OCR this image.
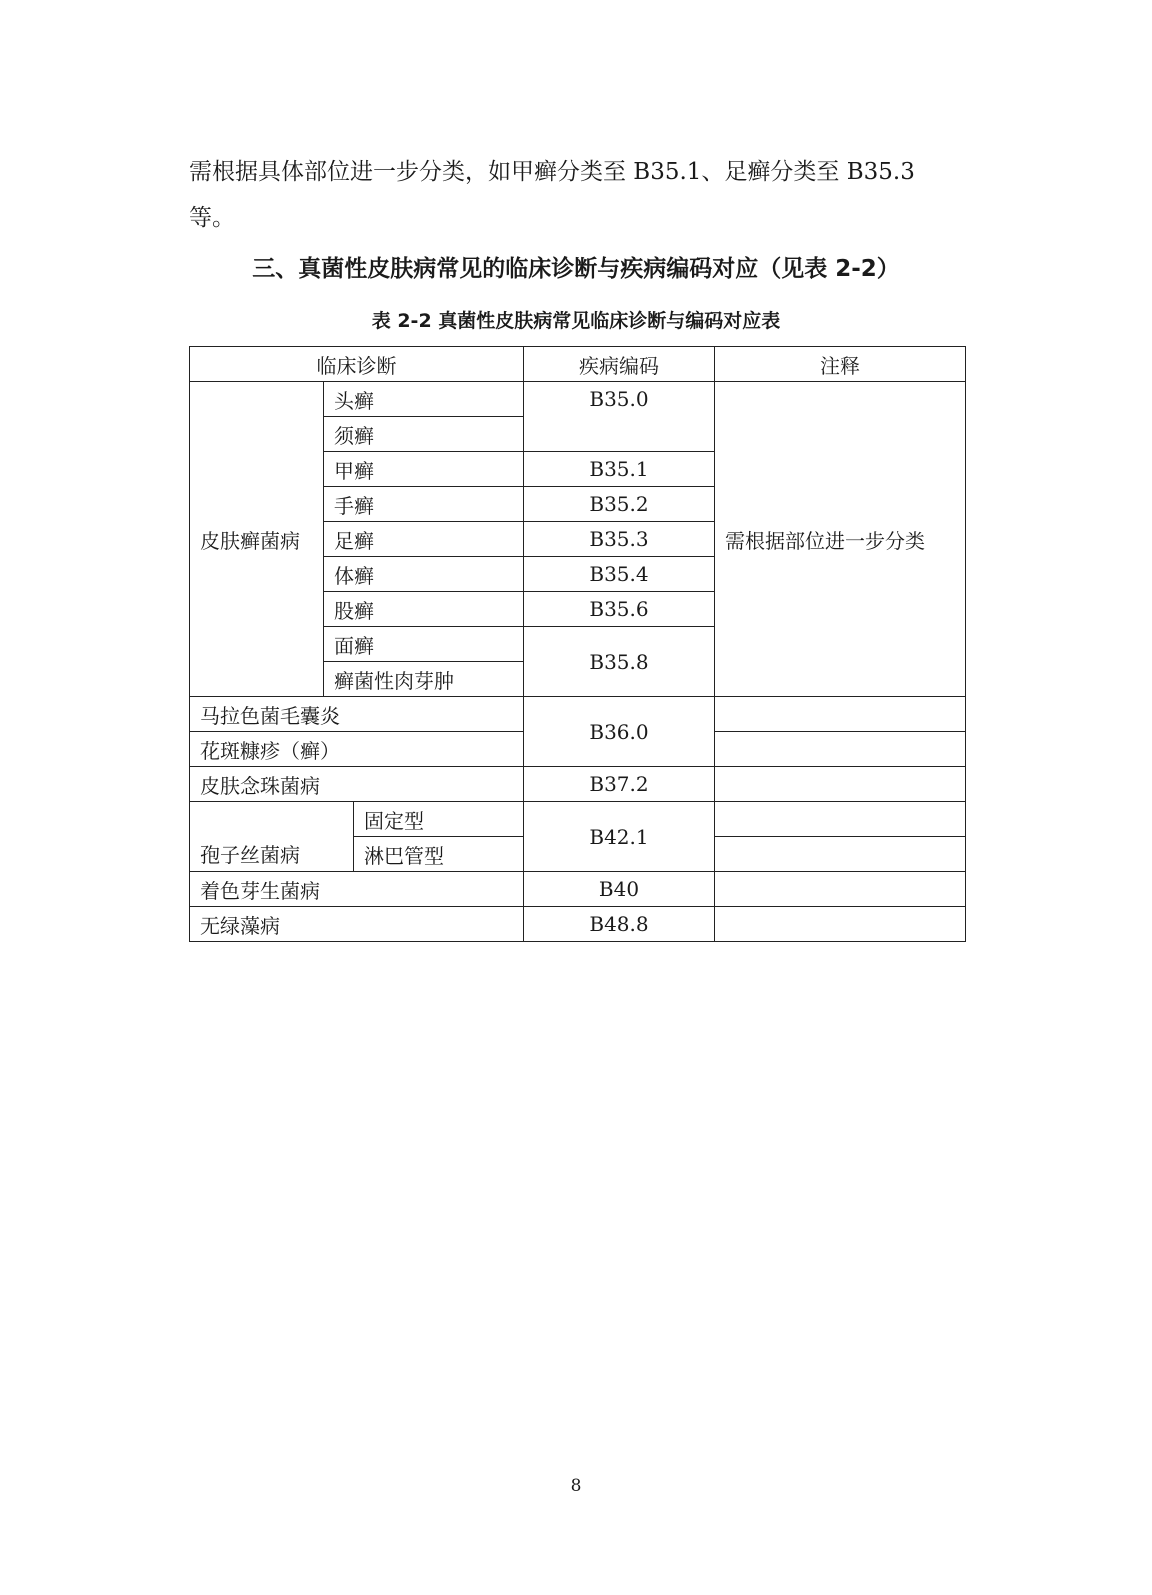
需根据具体部位进一步分类，如甲癣分类至 B35.1、足癣分类至 B35.3

等。

三、真菌性皮肤病常见的临床诊断与疾病编码对应（见表 2-2）
表 2-2 真菌性皮肤病常见临床诊断与编码对应表
临床诊断			疾病编码	注释
皮肤癣菌病	头癣		B35.0	需根据部位进一步分类
	须癣			
	甲癣		B35.1	
	手癣		B35.2	
	足癣		B35.3	
	体癣		B35.4	
	股癣		B35.6	
	面癣		B35.8	
	癣菌性肉芽肿			
马拉色菌毛囊炎			B36.0	
花斑糠疹（癣）				
皮肤念珠菌病			B37.2	
孢子丝菌病		固定型	B42.1	
		淋巴管型		
着色芽生菌病			B40	
无绿藻病			B48.8	
8
